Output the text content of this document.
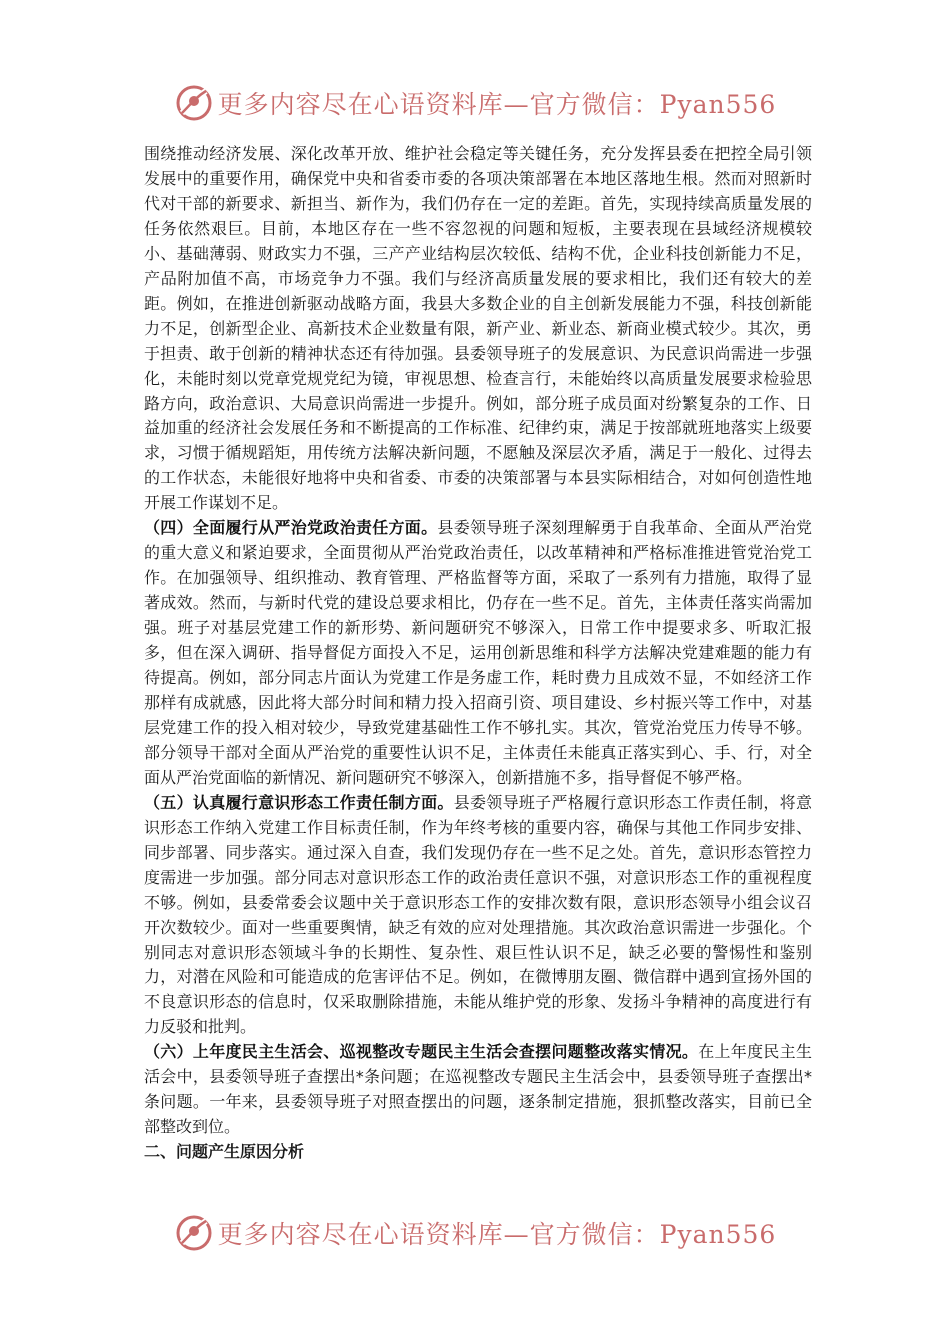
更多内容尽在心语资料库—官方微信：Pyan556

围绕推动经济发展、深化改革开放、维护社会稳定等关键任务，充分发挥县委在把控全局引领发展中的重要作用，确保党中央和省委市委的各项决策部署在本地区落地生根。然而对照新时代对干部的新要求、新担当、新作为，我们仍存在一定的差距。首先，实现持续高质量发展的任务依然艰巨。目前，本地区存在一些不容忽视的问题和短板，主要表现在县域经济规模较小、基础薄弱、财政实力不强，三产产业结构层次较低、结构不优，企业科技创新能力不足，产品附加值不高，市场竞争力不强。我们与经济高质量发展的要求相比，我们还有较大的差距。例如，在推进创新驱动战略方面，我县大多数企业的自主创新发展能力不强，科技创新能力不足，创新型企业、高新技术企业数量有限，新产业、新业态、新商业模式较少。其次，勇于担责、敢于创新的精神状态还有待加强。县委领导班子的发展意识、为民意识尚需进一步强化，未能时刻以党章党规党纪为镜，审视思想、检查言行，未能始终以高质量发展要求检验思路方向，政治意识、大局意识尚需进一步提升。例如，部分班子成员面对纷繁复杂的工作、日益加重的经济社会发展任务和不断提高的工作标准、纪律约束，满足于按部就班地落实上级要求，习惯于循规蹈矩，用传统方法解决新问题，不愿触及深层次矛盾，满足于一般化、过得去的工作状态，未能很好地将中央和省委、市委的决策部署与本县实际相结合，对如何创造性地开展工作谋划不足。

（四）全面履行从严治党政治责任方面。县委领导班子深刻理解勇于自我革命、全面从严治党的重大意义和紧迫要求，全面贯彻从严治党政治责任，以改革精神和严格标准推进管党治党工作。在加强领导、组织推动、教育管理、严格监督等方面，采取了一系列有力措施，取得了显著成效。然而，与新时代党的建设总要求相比，仍存在一些不足。首先，主体责任落实尚需加强。班子对基层党建工作的新形势、新问题研究不够深入，日常工作中提要求多、听取汇报多，但在深入调研、指导督促方面投入不足，运用创新思维和科学方法解决党建难题的能力有待提高。例如，部分同志片面认为党建工作是务虚工作，耗时费力且成效不显，不如经济工作那样有成就感，因此将大部分时间和精力投入招商引资、项目建设、乡村振兴等工作中，对基层党建工作的投入相对较少，导致党建基础性工作不够扎实。其次，管党治党压力传导不够。部分领导干部对全面从严治党的重要性认识不足，主体责任未能真正落实到心、手、行，对全面从严治党面临的新情况、新问题研究不够深入，创新措施不多，指导督促不够严格。

（五）认真履行意识形态工作责任制方面。县委领导班子严格履行意识形态工作责任制，将意识形态工作纳入党建工作目标责任制，作为年终考核的重要内容，确保与其他工作同步安排、同步部署、同步落实。通过深入自查，我们发现仍存在一些不足之处。首先，意识形态管控力度需进一步加强。部分同志对意识形态工作的政治责任意识不强，对意识形态工作的重视程度不够。例如，县委常委会议题中关于意识形态工作的安排次数有限，意识形态领导小组会议召开次数较少。面对一些重要舆情，缺乏有效的应对处理措施。其次政治意识需进一步强化。个别同志对意识形态领域斗争的长期性、复杂性、艰巨性认识不足，缺乏必要的警惕性和鉴别力，对潜在风险和可能造成的危害评估不足。例如，在微博朋友圈、微信群中遇到宣扬外国的不良意识形态的信息时，仅采取删除措施，未能从维护党的形象、发扬斗争精神的高度进行有力反驳和批判。

（六）上年度民主生活会、巡视整改专题民主生活会查摆问题整改落实情况。在上年度民主生活会中，县委领导班子查摆出*条问题；在巡视整改专题民主生活会中，县委领导班子查摆出*条问题。一年来，县委领导班子对照查摆出的问题，逐条制定措施，狠抓整改落实，目前已全部整改到位。

二、问题产生原因分析

更多内容尽在心语资料库—官方微信：Pyan556
